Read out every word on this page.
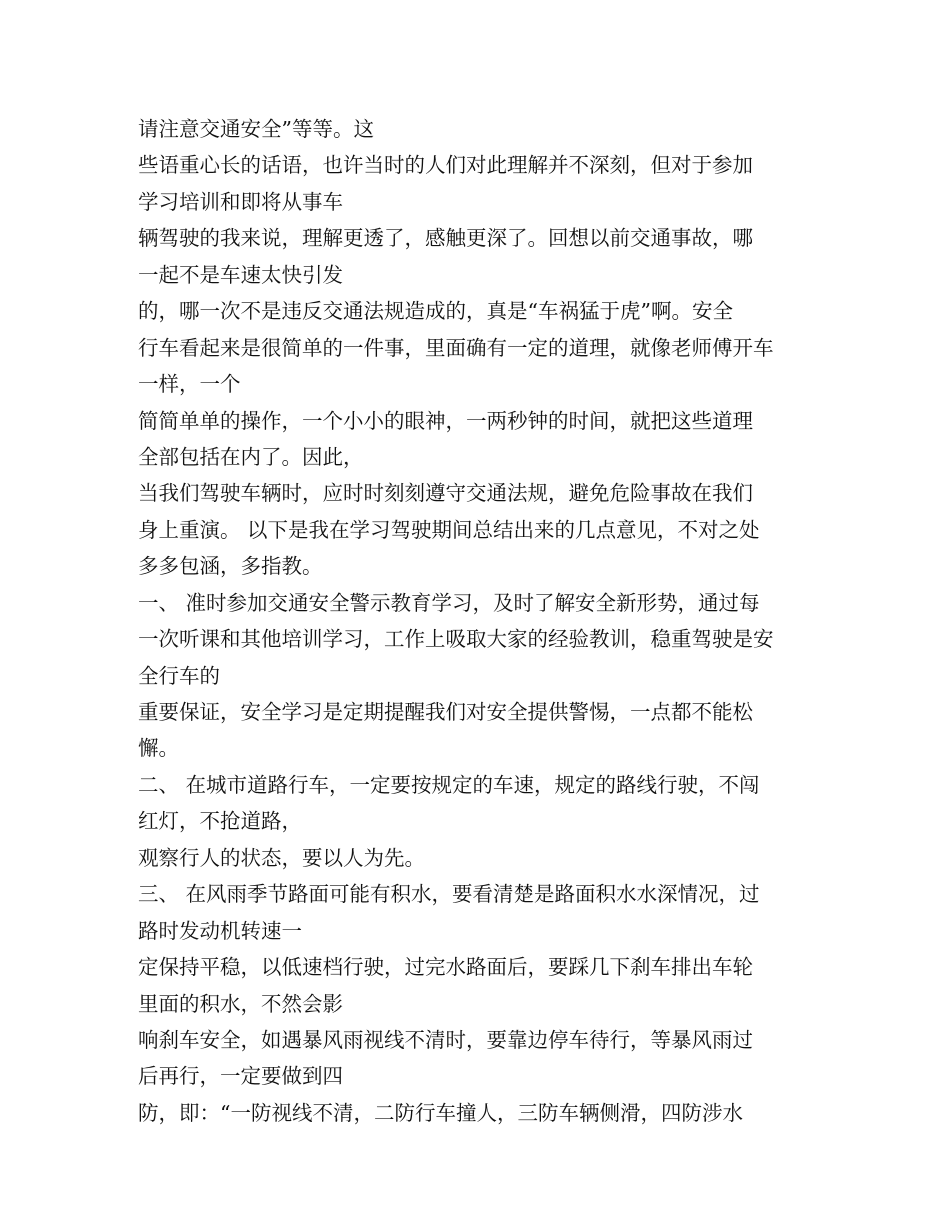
请注意交通安全”等等。这
些语重心长的话语，也许当时的人们对此理解并不深刻，但对于参加
学习培训和即将从事车
辆驾驶的我来说，理解更透了，感触更深了。回想以前交通事故，哪
一起不是车速太快引发
的，哪一次不是违反交通法规造成的，真是“车祸猛于虎”啊。安全
行车看起来是很简单的一件事，里面确有一定的道理，就像老师傅开车
一样，一个
简简单单的操作，一个小小的眼神，一两秒钟的时间，就把这些道理
全部包括在内了。因此，
当我们驾驶车辆时，应时时刻刻遵守交通法规，避免危险事故在我们
身上重演。 以下是我在学习驾驶期间总结出来的几点意见，不对之处
多多包涵，多指教。
一、 准时参加交通安全警示教育学习，及时了解安全新形势，通过每
一次听课和其他培训学习，工作上吸取大家的经验教训，稳重驾驶是安
全行车的
重要保证，安全学习是定期提醒我们对安全提供警惕，一点都不能松
懈。
二、 在城市道路行车，一定要按规定的车速，规定的路线行驶，不闯
红灯，不抢道路，
观察行人的状态，要以人为先。
三、 在风雨季节路面可能有积水，要看清楚是路面积水水深情况，过
路时发动机转速一
定保持平稳，以低速档行驶，过完水路面后，要踩几下刹车排出车轮
里面的积水，不然会影
响刹车安全，如遇暴风雨视线不清时，要靠边停车待行，等暴风雨过
后再行，一定要做到四
防，即：“一防视线不清，二防行车撞人，三防车辆侧滑，四防涉水
